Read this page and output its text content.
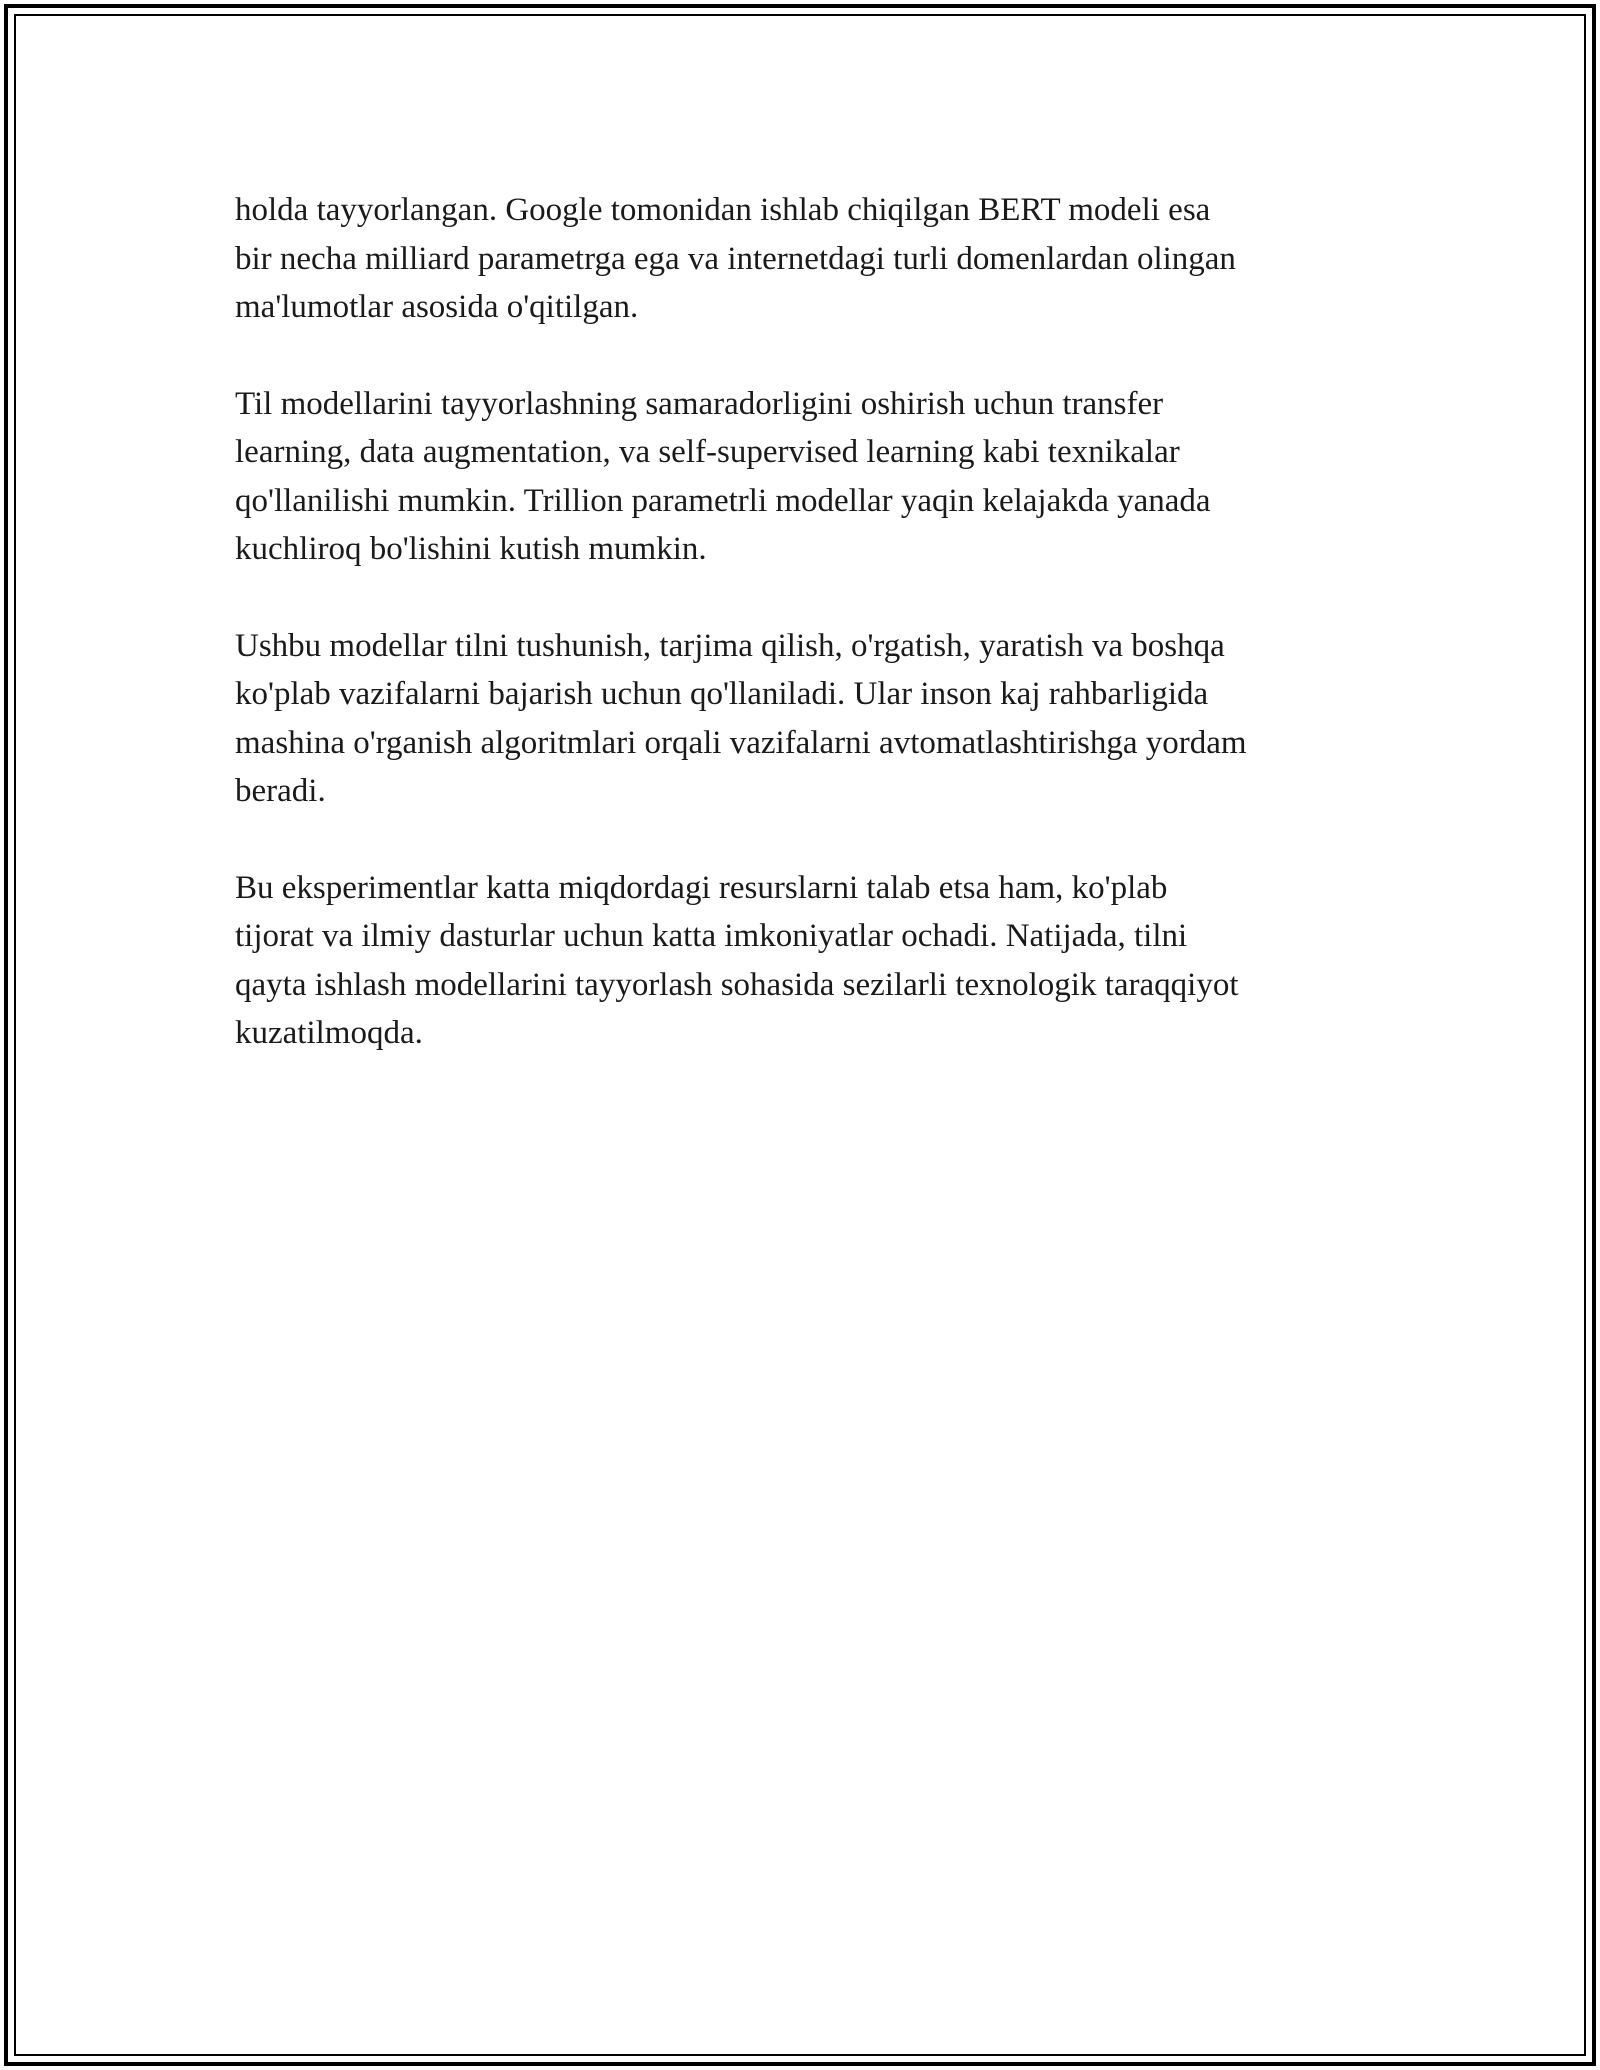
holda tayyorlangan. Google tomonidan ishlab chiqilgan BERT modeli esa
bir necha milliard parametrga ega va internetdagi turli domenlardan olingan
ma'lumotlar asosida o'qitilgan.

Til modellarini tayyorlashning samaradorligini oshirish uchun transfer
learning, data augmentation, va self-supervised learning kabi texnikalar
qo'llanilishi mumkin. Trillion parametrli modellar yaqin kelajakda yanada
kuchliroq bo'lishini kutish mumkin.

Ushbu modellar tilni tushunish, tarjima qilish, o'rgatish, yaratish va boshqa
ko'plab vazifalarni bajarish uchun qo'llaniladi. Ular inson kaj rahbarligida
mashina o'rganish algoritmlari orqali vazifalarni avtomatlashtirishga yordam
beradi.

Bu eksperimentlar katta miqdordagi resurslarni talab etsa ham, ko'plab
tijorat va ilmiy dasturlar uchun katta imkoniyatlar ochadi. Natijada, tilni
qayta ishlash modellarini tayyorlash sohasida sezilarli texnologik taraqqiyot
kuzatilmoqda.
